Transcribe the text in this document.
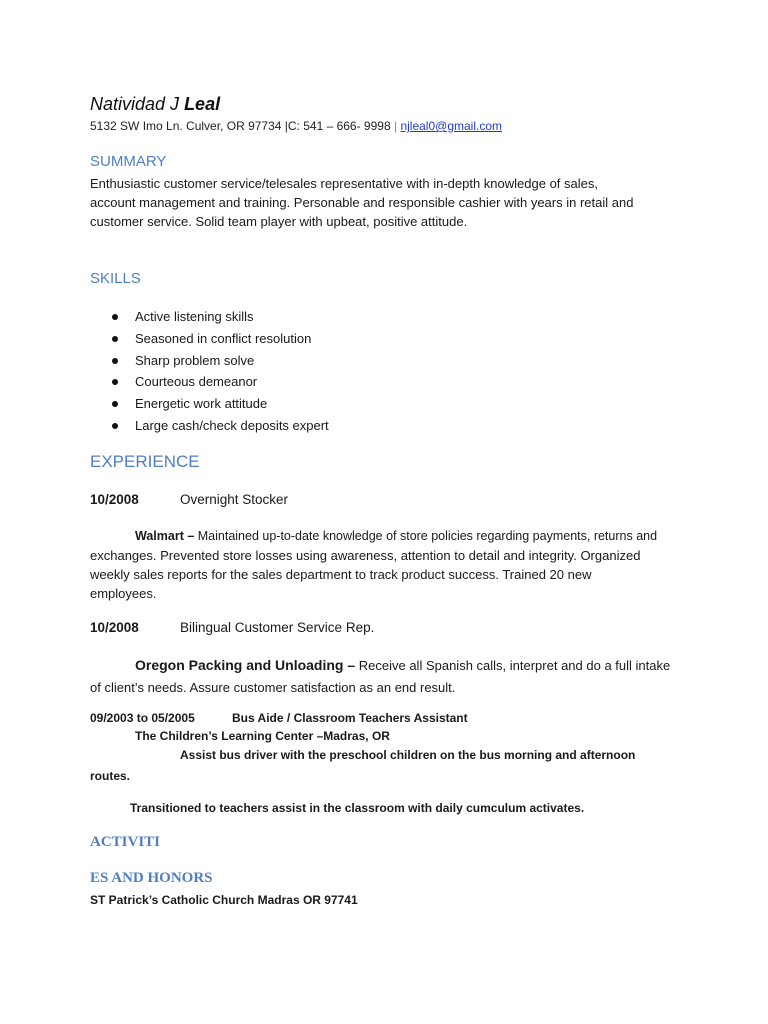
Natividad J Leal
5132 SW Imo Ln. Culver, OR 97734 |C: 541 – 666- 9998 | njleal0@gmail.com
SUMMARY
Enthusiastic customer service/telesales representative with in-depth knowledge of sales,
account management and training. Personable and responsible cashier with years in retail and
customer service. Solid team player with upbeat, positive attitude.
SKILLS
Active listening skills
Seasoned in conflict resolution
Sharp problem solve
Courteous demeanor
Energetic work attitude
Large cash/check deposits expert
EXPERIENCE
10/2008	Overnight Stocker
Walmart – Maintained up-to-date knowledge of store policies regarding payments, returns and
exchanges. Prevented store losses using awareness, attention to detail and integrity. Organized
weekly sales reports for the sales department to track product success. Trained 20 new
employees.
10/2008	Bilingual Customer Service Rep.
Oregon Packing and Unloading – Receive all Spanish calls, interpret and do a full intake
of client’s needs. Assure customer satisfaction as an end result.
09/2003 to 05/2005	Bus Aide / Classroom Teachers Assistant
The Children’s Learning Center –Madras, OR
Assist bus driver with the preschool children on the bus morning and afternoon
routes.
Transitioned to teachers assist in the classroom with daily cumculum activates.
ACTIVITI
ES AND HONORS
ST Patrick’s Catholic Church Madras OR 97741
